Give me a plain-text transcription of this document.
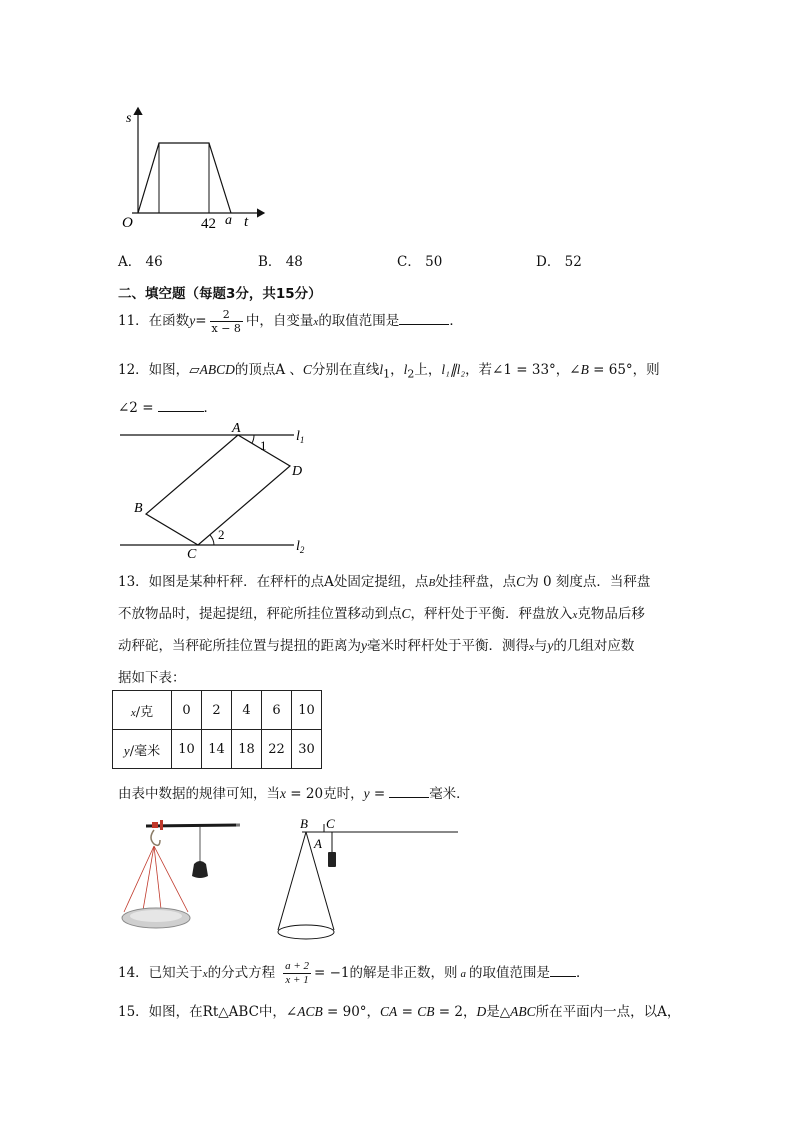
s
O	42 a t
A． 46	B． 48	C． 50	D． 52
二、填空题（每题3分，共15分）
11．在函数$y= \frac{2}{x - 8}$ 中，自变量x的取值范围是	．
12．如图，▱ABCD的顶点A 、C分别在直线$l_1$，$l_2$上，l₁∥l₂，若∠1 = 33°，∠B = 65°，则
∠2 =	．
A
1
D
B
2
C
$l_1$
$l_2$
13．如图是某种杆秤．在秤杆的点A处固定提纽，点B处挂秤盘，点C为 0 刻度点．当秤盘
不放物品时，提起提纽，秤砣所挂位置移动到点C，秤杆处于平衡．秤盘放入x克物品后移
动秤砣，当秤砣所挂位置与提扭的距离为y毫米时秤杆处于平衡．测得x与y的几组对应数
据如下表：
x/克	0	2	4	6	10
y/毫米	10	14	18	22	30
由表中数据的规律可知，当x = 20克时，y =	毫米．
B C
A
14．已知关于x的分式方程 $\frac{a + 2}{x + 1} = -1$的解是非正数，则 a 的取值范围是 ．
15．如图，在Rt△ABC中，∠ACB = 90°，CA = CB = 2，D是△ABC所在平面内一点，以A，
